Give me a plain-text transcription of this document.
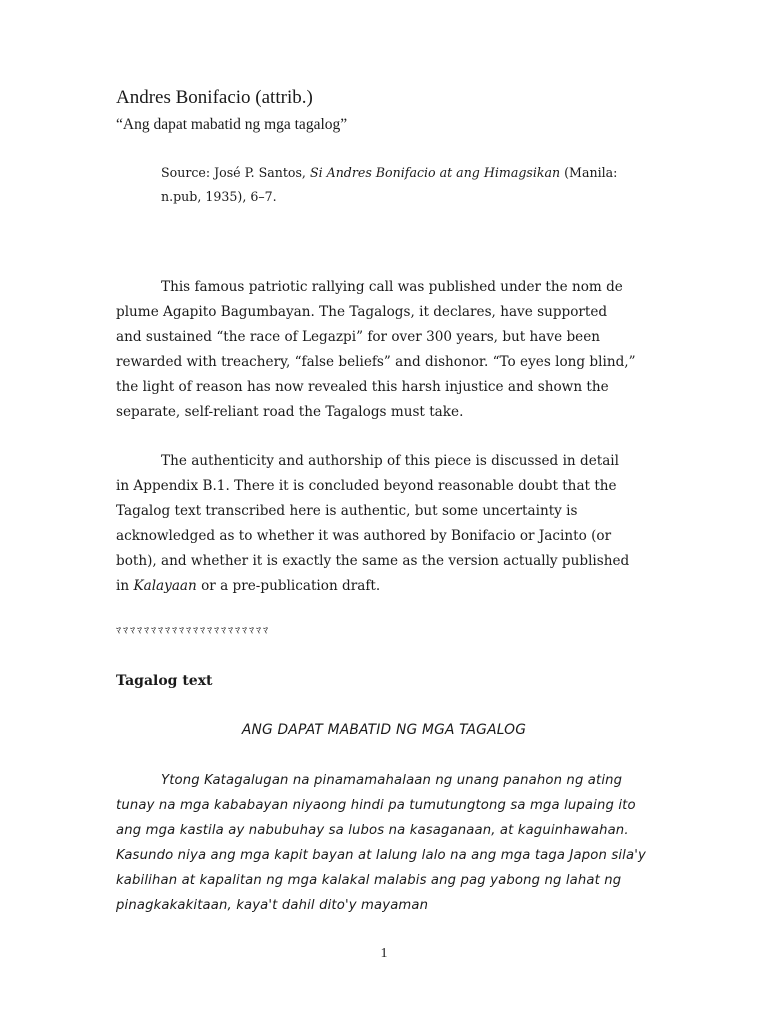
Andres Bonifacio (attrib.)

“Ang dapat mabatid ng mga tagalog”

Source: José P. Santos, Si Andres Bonifacio at ang Himagsikan (Manila: n.pub, 1935), 6–7.

This famous patriotic rallying call was published under the nom de plume Agapito Bagumbayan. The Tagalogs, it declares, have supported and sustained “the race of Legazpi” for over 300 years, but have been rewarded with treachery, “false beliefs” and dishonor. “To eyes long blind,” the light of reason has now revealed this harsh injustice and shown the separate, self-reliant road the Tagalogs must take.

The authenticity and authorship of this piece is discussed in detail in Appendix B.1. There it is concluded beyond reasonable doubt that the Tagalog text transcribed here is authentic, but some uncertainty is acknowledged as to whether it was authored by Bonifacio or Jacinto (or both), and whether it is exactly the same as the version actually published in Kalayaan or a pre-publication draft.

ﾏﾏﾏﾏﾏﾏﾏﾏﾏﾏﾏﾏﾏﾏﾏﾏﾏﾏﾏﾏﾏﾏ

Tagalog text

ANG DAPAT MABATID NG MGA TAGALOG

Ytong Katagalugan na pinamamahalaan ng unang panahon ng ating tunay na mga kababayan niyaong hindi pa tumutungtong sa mga lupaing ito ang mga kastila ay nabubuhay sa lubos na kasaganaan, at kaguinhawahan. Kasundo niya ang mga kapit bayan at lalung lalo na ang mga taga Japon sila'y kabilihan at kapalitan ng mga kalakal malabis ang pag yabong ng lahat ng pinagkakakitaan, kaya't dahil dito'y mayaman

1
